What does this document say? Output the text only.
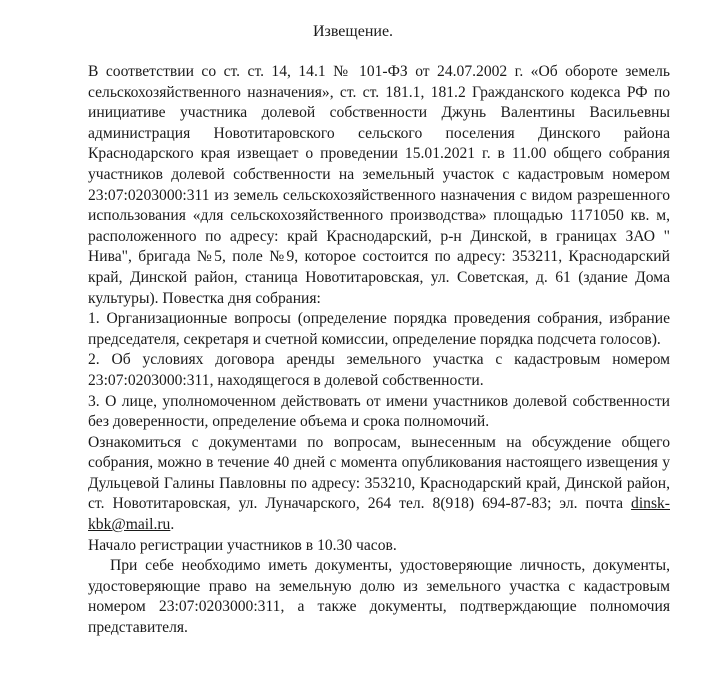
Извещение.

В соответствии со ст. ст. 14, 14.1 № 101-ФЗ от 24.07.2002 г. «Об обороте земель сельскохозяйственного назначения», ст. ст. 181.1, 181.2 Гражданского кодекса РФ по инициативе участника долевой собственности Джунь Валентины Васильевны администрация Новотитаровского сельского поселения Динского района Краснодарского края извещает о проведении 15.01.2021 г. в 11.00 общего собрания участников долевой собственности на земельный участок с кадастровым номером 23:07:0203000:311 из земель сельскохозяйственного назначения с видом разрешенного использования «для сельскохозяйственного производства» площадью 1171050 кв. м, расположенного по адресу: край Краснодарский, р-н Динской, в границах ЗАО " Нива", бригада №5, поле №9, которое состоится по адресу: 353211, Краснодарский край, Динской район, станица Новотитаровская, ул. Советская, д. 61 (здание Дома культуры). Повестка дня собрания:

1. Организационные вопросы (определение порядка проведения собрания, избрание председателя, секретаря и счетной комиссии, определение порядка подсчета голосов).

2. Об условиях договора аренды земельного участка с кадастровым номером 23:07:0203000:311, находящегося в долевой собственности.

3. О лице, уполномоченном действовать от имени участников долевой собственности без доверенности, определение объема и срока полномочий.

Ознакомиться с документами по вопросам, вынесенным на обсуждение общего собрания, можно в течение 40 дней с момента опубликования настоящего извещения у Дульцевой Галины Павловны по адресу: 353210, Краснодарский край, Динской район, ст. Новотитаровская, ул. Луначарского, 264 тел. 8(918) 694-87-83; эл. почта dinsk-kbk@mail.ru.

Начало регистрации участников в 10.30 часов.

При себе необходимо иметь документы, удостоверяющие личность, документы, удостоверяющие право на земельную долю из земельного участка с кадастровым номером 23:07:0203000:311, а также документы, подтверждающие полномочия представителя.
